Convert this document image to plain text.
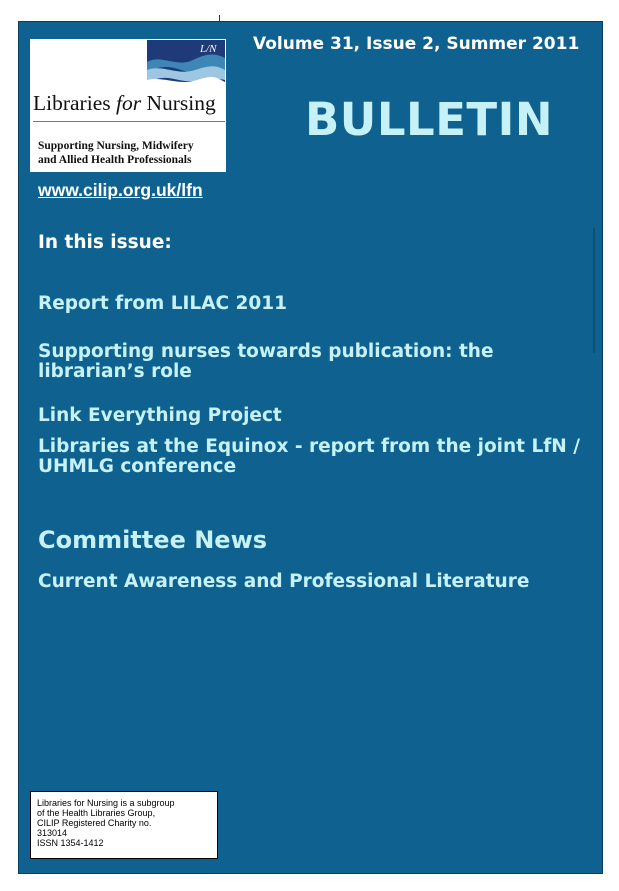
L/N
Libraries for Nursing
Supporting Nursing, Midwifery
and Allied Health Professionals
www.cilip.org.uk/lfn
Volume 31, Issue 2, Summer 2011
BULLETIN
In this issue:
Report from LILAC 2011
Supporting nurses towards publication: the librarian’s role
Link Everything Project
Libraries at the Equinox - report from the joint LfN / UHMLG conference
Committee News
Current Awareness and Professional Literature
Libraries for Nursing is a subgroup
of the Health Libraries Group,
CILIP Registered Charity no.
313014
ISSN 1354-1412
